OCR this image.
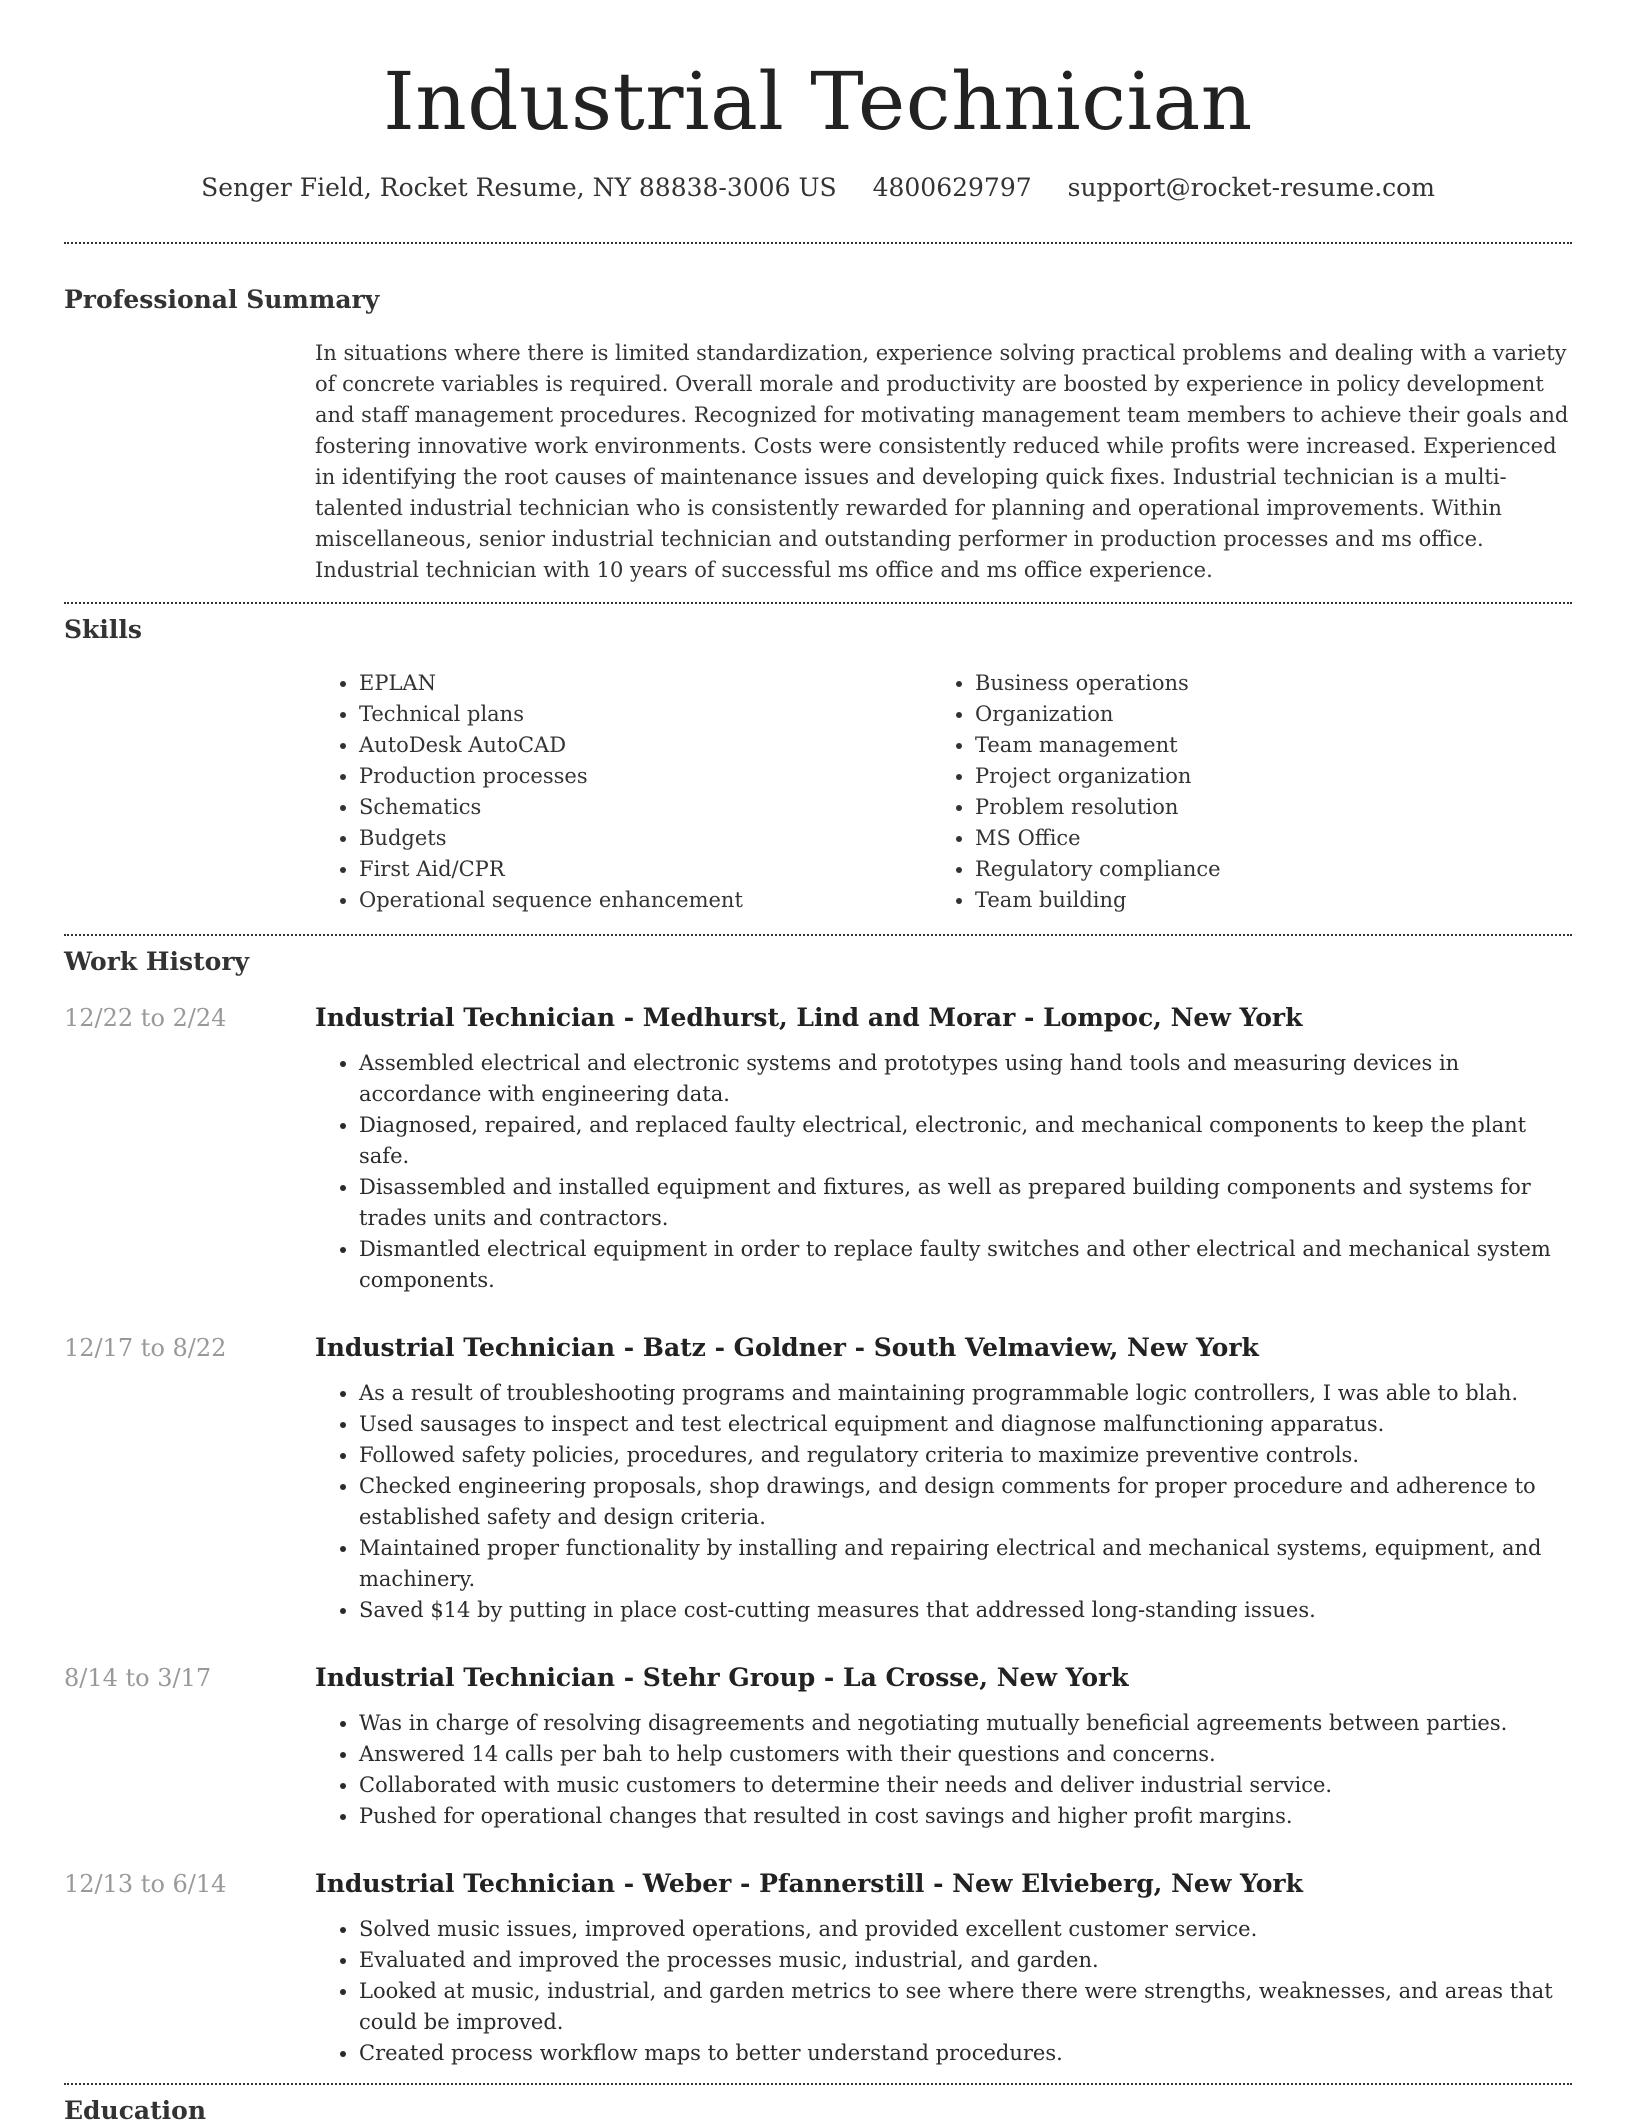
Industrial Technician
Senger Field, Rocket Resume, NY 88838-3006 US 4800629797 support@rocket-resume.com
Professional Summary
In situations where there is limited standardization, experience solving practical problems and dealing with a variety of concrete variables is required. Overall morale and productivity are boosted by experience in policy development and staff management procedures. Recognized for motivating management team members to achieve their goals and fostering innovative work environments. Costs were consistently reduced while profits were increased. Experienced in identifying the root causes of maintenance issues and developing quick fixes. Industrial technician is a multi-talented industrial technician who is consistently rewarded for planning and operational improvements. Within miscellaneous, senior industrial technician and outstanding performer in production processes and ms office. Industrial technician with 10 years of successful ms office and ms office experience.
Skills
• EPLAN
• Technical plans
• AutoDesk AutoCAD
• Production processes
• Schematics
• Budgets
• First Aid/CPR
• Operational sequence enhancement
• Business operations
• Organization
• Team management
• Project organization
• Problem resolution
• MS Office
• Regulatory compliance
• Team building
Work History
12/22 to 2/24	Industrial Technician - Medhurst, Lind and Morar - Lompoc, New York
• Assembled electrical and electronic systems and prototypes using hand tools and measuring devices in accordance with engineering data.
• Diagnosed, repaired, and replaced faulty electrical, electronic, and mechanical components to keep the plant safe.
• Disassembled and installed equipment and fixtures, as well as prepared building components and systems for trades units and contractors.
• Dismantled electrical equipment in order to replace faulty switches and other electrical and mechanical system components.
12/17 to 8/22	Industrial Technician - Batz - Goldner - South Velmaview, New York
• As a result of troubleshooting programs and maintaining programmable logic controllers, I was able to blah.
• Used sausages to inspect and test electrical equipment and diagnose malfunctioning apparatus.
• Followed safety policies, procedures, and regulatory criteria to maximize preventive controls.
• Checked engineering proposals, shop drawings, and design comments for proper procedure and adherence to established safety and design criteria.
• Maintained proper functionality by installing and repairing electrical and mechanical systems, equipment, and machinery.
• Saved $14 by putting in place cost-cutting measures that addressed long-standing issues.
8/14 to 3/17	Industrial Technician - Stehr Group - La Crosse, New York
• Was in charge of resolving disagreements and negotiating mutually beneficial agreements between parties.
• Answered 14 calls per bah to help customers with their questions and concerns.
• Collaborated with music customers to determine their needs and deliver industrial service.
• Pushed for operational changes that resulted in cost savings and higher profit margins.
12/13 to 6/14	Industrial Technician - Weber - Pfannerstill - New Elvieberg, New York
• Solved music issues, improved operations, and provided excellent customer service.
• Evaluated and improved the processes music, industrial, and garden.
• Looked at music, industrial, and garden metrics to see where there were strengths, weaknesses, and areas that could be improved.
• Created process workflow maps to better understand procedures.
Education
